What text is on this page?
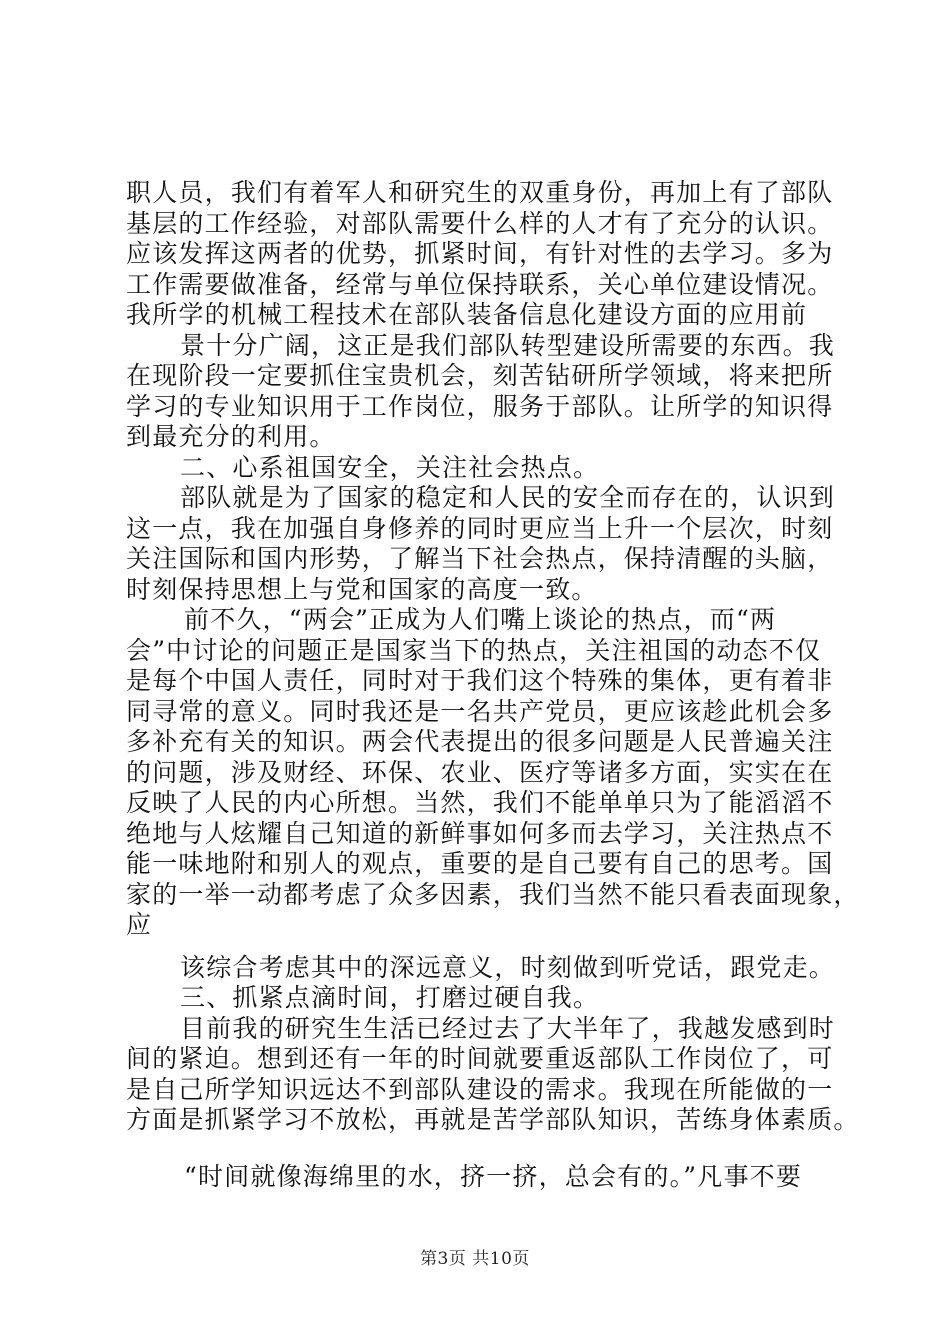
职人员，我们有着军人和研究生的双重身份，再加上有了部队
基层的工作经验，对部队需要什么样的人才有了充分的认识。
应该发挥这两者的优势，抓紧时间，有针对性的去学习。多为
工作需要做准备，经常与单位保持联系，关心单位建设情况。
我所学的机械工程技术在部队装备信息化建设方面的应用前
景十分广阔，这正是我们部队转型建设所需要的东西。我
在现阶段一定要抓住宝贵机会，刻苦钻研所学领域，将来把所
学习的专业知识用于工作岗位，服务于部队。让所学的知识得
到最充分的利用。
二、心系祖国安全，关注社会热点。
部队就是为了国家的稳定和人民的安全而存在的，认识到
这一点，我在加强自身修养的同时更应当上升一个层次，时刻
关注国际和国内形势，了解当下社会热点，保持清醒的头脑，
时刻保持思想上与党和国家的高度一致。
前不久，“两会”正成为人们嘴上谈论的热点，而“两
会”中讨论的问题正是国家当下的热点，关注祖国的动态不仅
是每个中国人责任，同时对于我们这个特殊的集体，更有着非
同寻常的意义。同时我还是一名共产党员，更应该趁此机会多
多补充有关的知识。两会代表提出的很多问题是人民普遍关注
的问题，涉及财经、环保、农业、医疗等诸多方面，实实在在
反映了人民的内心所想。当然，我们不能单单只为了能滔滔不
绝地与人炫耀自己知道的新鲜事如何多而去学习，关注热点不
能一味地附和别人的观点，重要的是自己要有自己的思考。国
家的一举一动都考虑了众多因素，我们当然不能只看表面现象，
应
该综合考虑其中的深远意义，时刻做到听党话，跟党走。
三、抓紧点滴时间，打磨过硬自我。
目前我的研究生生活已经过去了大半年了，我越发感到时
间的紧迫。想到还有一年的时间就要重返部队工作岗位了，可
是自己所学知识远达不到部队建设的需求。我现在所能做的一
方面是抓紧学习不放松，再就是苦学部队知识，苦练身体素质。
“时间就像海绵里的水，挤一挤，总会有的。”凡事不要
第3页 共10页
